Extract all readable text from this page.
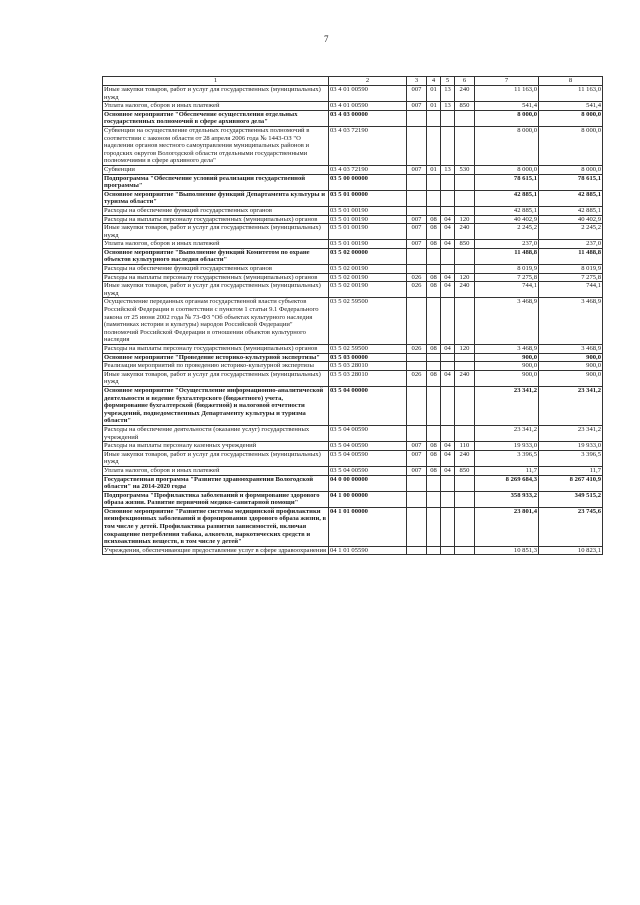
7
1	2	3	4	5	6	7	8
Иные закупки товаров, работ и услуг для государственных (муниципальных) нужд	03 4 01 00590	007	01	13	240	11 163,0	11 163,0
Уплата налогов, сборов и иных платежей	03 4 01 00590	007	01	13	850	541,4	541,4
Основное мероприятие "Обеспечение осуществления отдельных государственных полномочий в сфере архивного дела"	03 4 03 00000					8 000,0	8 000,0
Субвенции на осуществление отдельных государственных полномочий в соответствии с законом области от 28 апреля 2006 года № 1443-ОЗ "О наделении органов местного самоуправления муниципальных районов и городских округов Вологодской области отдельными государственными полномочиями в сфере архивного дела"	03 4 03 72190					8 000,0	8 000,0
Субвенции	03 4 03 72190	007	01	13	530	8 000,0	8 000,0
Подпрограмма "Обеспечение условий реализации государственной программы"	03 5 00 00000					78 615,1	78 615,1
Основное мероприятие "Выполнение функций Департамента культуры и туризма области"	03 5 01 00000					42 885,1	42 885,1
Расходы на обеспечение функций государственных органов	03 5 01 00190					42 885,1	42 885,1
Расходы на выплаты персоналу государственных (муниципальных) органов	03 5 01 00190	007	08	04	120	40 402,9	40 402,9
Иные закупки товаров, работ и услуг для государственных (муниципальных) нужд	03 5 01 00190	007	08	04	240	2 245,2	2 245,2
Уплата налогов, сборов и иных платежей	03 5 01 00190	007	08	04	850	237,0	237,0
Основное мероприятие "Выполнение функций Комитетом по охране объектов культурного наследия области"	03 5 02 00000					11 488,8	11 488,8
Расходы на обеспечение функций государственных органов	03 5 02 00190					8 019,9	8 019,9
Расходы на выплаты персоналу государственных (муниципальных) органов	03 5 02 00190	026	08	04	120	7 275,8	7 275,8
Иные закупки товаров, работ и услуг для государственных (муниципальных) нужд	03 5 02 00190	026	08	04	240	744,1	744,1
Осуществление переданных органам государственной власти субъектов Российской Федерации в соответствии с пунктом 1 статьи 9.1 Федерального закона от 25 июня 2002 года № 73-ФЗ "Об объектах культурного наследия (памятниках истории и культуры) народов Российской Федерации" полномочий Российской Федерации в отношении объектов культурного наследия	03 5 02 59500					3 468,9	3 468,9
Расходы на выплаты персоналу государственных (муниципальных) органов	03 5 02 59500	026	08	04	120	3 468,9	3 468,9
Основное мероприятие "Проведение историко-культурной экспертизы"	03 5 03 00000					900,0	900,0
Реализация мероприятий по проведению историко-культурной экспертизы	03 5 03 28010					900,0	900,0
Иные закупки товаров, работ и услуг для государственных (муниципальных) нужд	03 5 03 28010	026	08	04	240	900,0	900,0
Основное мероприятие "Осуществление информационно-аналитической деятельности и ведение бухгалтерского (бюджетного) учета, формирование бухгалтерской (бюджетной) и налоговой отчетности учреждений, подведомственных Департаменту культуры и туризма области"	03 5 04 00000					23 341,2	23 341,2
Расходы на обеспечение деятельности (оказание услуг) государственных учреждений	03 5 04 00590					23 341,2	23 341,2
Расходы на выплаты персоналу казенных учреждений	03 5 04 00590	007	08	04	110	19 933,0	19 933,0
Иные закупки товаров, работ и услуг для государственных (муниципальных) нужд	03 5 04 00590	007	08	04	240	3 396,5	3 396,5
Уплата налогов, сборов и иных платежей	03 5 04 00590	007	08	04	850	11,7	11,7
Государственная программа "Развитие здравоохранения Вологодской области" на 2014-2020 годы	04 0 00 00000					8 269 684,3	8 267 410,9
Подпрограмма "Профилактика заболеваний и формирование здорового образа жизни. Развитие первичной медико-санитарной помощи"	04 1 00 00000					358 933,2	349 515,2
Основное мероприятие "Развитие системы медицинской профилактики неинфекционных заболеваний и формирования здорового образа жизни, в том числе у детей. Профилактика развития зависимостей, включая сокращение потребления табака, алкоголя, наркотических средств и психоактивных веществ, в том числе у детей"	04 1 01 00000					23 801,4	23 745,6
Учреждения, обеспечивающие предоставление услуг в сфере здравоохранения	04 1 01 05590					10 851,3	10 823,1
